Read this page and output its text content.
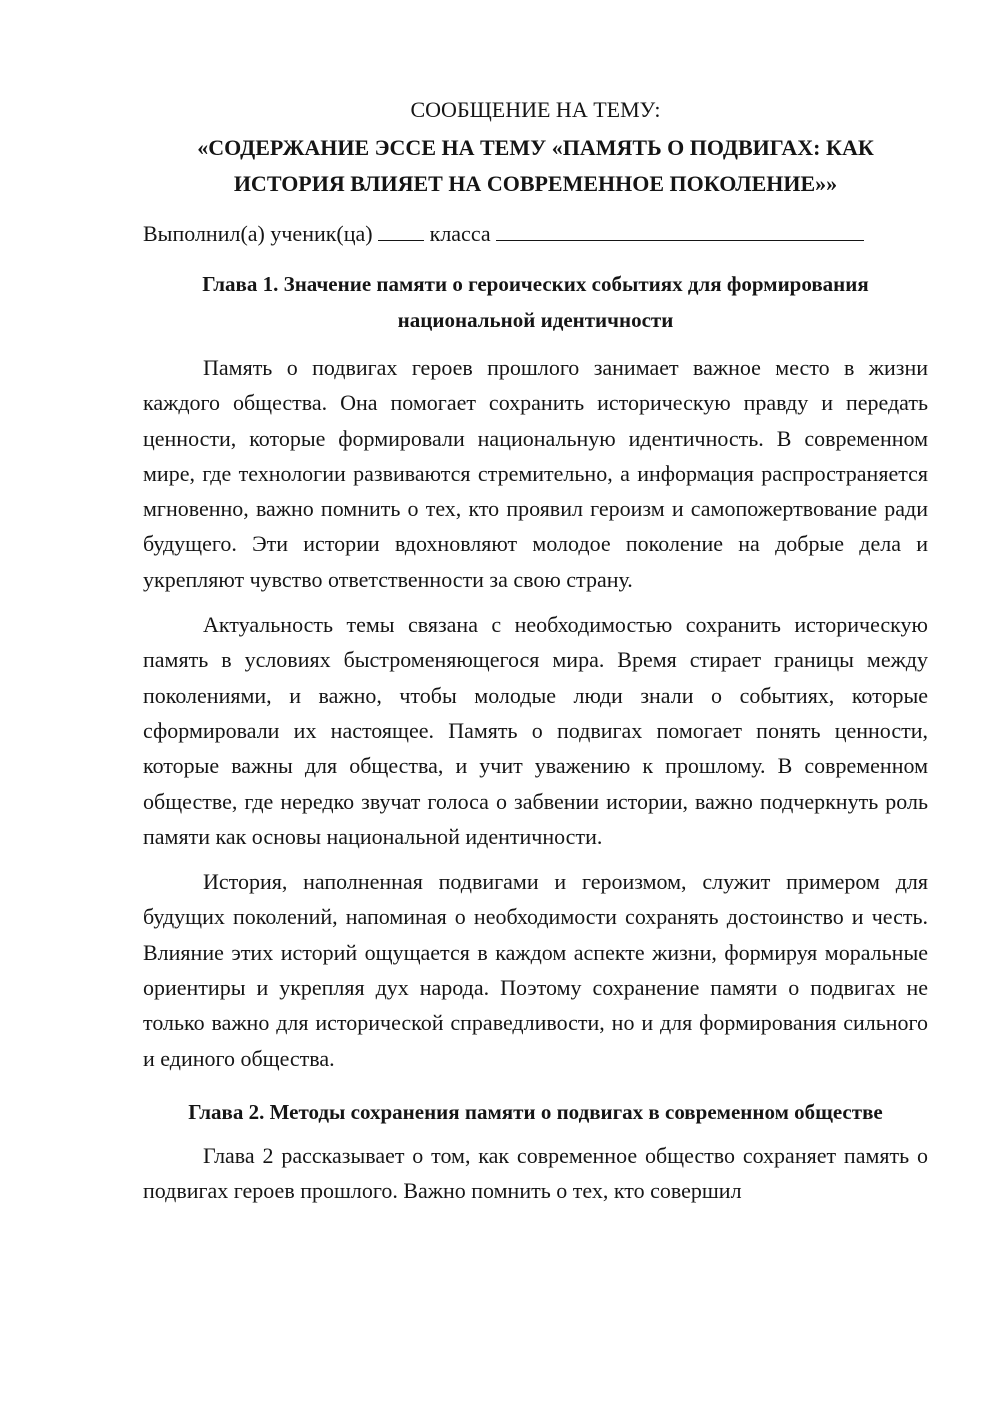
СООБЩЕНИЕ НА ТЕМУ:

«СОДЕРЖАНИЕ ЭССЕ НА ТЕМУ «ПАМЯТЬ О ПОДВИГАХ: КАК
ИСТОРИЯ ВЛИЯЕТ НА СОВРЕМЕННОЕ ПОКОЛЕНИЕ»»

Выполнил(а) ученик(ца)	класса

Глава 1. Значение памяти о героических событиях для формирования
национальной идентичности

Память о подвигах героев прошлого занимает важное место в жизни каждого общества. Она помогает сохранить историческую правду и передать ценности, которые формировали национальную идентичность. В современном мире, где технологии развиваются стремительно, а информация распространяется мгновенно, важно помнить о тех, кто проявил героизм и самопожертвование ради будущего. Эти истории вдохновляют молодое поколение на добрые дела и укрепляют чувство ответственности за свою страну.

Актуальность темы связана с необходимостью сохранить историческую память в условиях быстроменяющегося мира. Время стирает границы между поколениями, и важно, чтобы молодые люди знали о событиях, которые сформировали их настоящее. Память о подвигах помогает понять ценности, которые важны для общества, и учит уважению к прошлому. В современном обществе, где нередко звучат голоса о забвении истории, важно подчеркнуть роль памяти как основы национальной идентичности.

История, наполненная подвигами и героизмом, служит примером для будущих поколений, напоминая о необходимости сохранять достоинство и честь. Влияние этих историй ощущается в каждом аспекте жизни, формируя моральные ориентиры и укрепляя дух народа. Поэтому сохранение памяти о подвигах не только важно для исторической справедливости, но и для формирования сильного и единого общества.

Глава 2. Методы сохранения памяти о подвигах в современном обществе

Глава 2 рассказывает о том, как современное общество сохраняет память о подвигах героев прошлого. Важно помнить о тех, кто совершил
